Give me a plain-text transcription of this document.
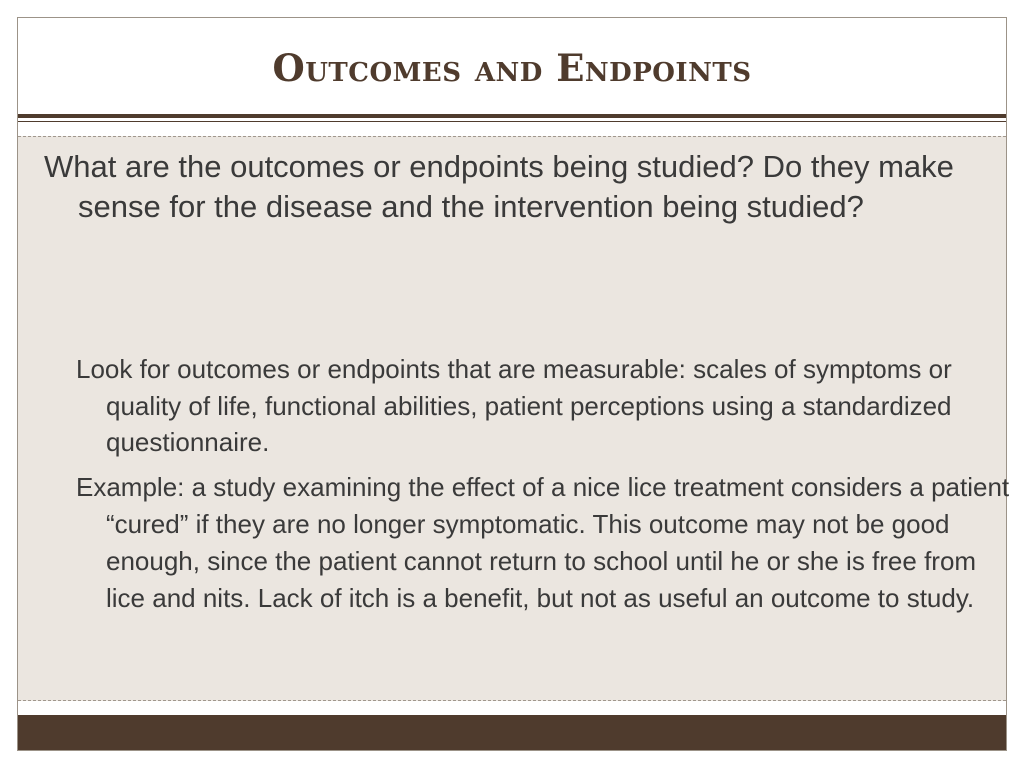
Outcomes and Endpoints

What are the outcomes or endpoints being studied? Do they make sense for the disease and the intervention being studied?

Look for outcomes or endpoints that are measurable: scales of symptoms or quality of life, functional abilities, patient perceptions using a standardized questionnaire.

Example: a study examining the effect of a nice lice treatment considers a patient “cured” if they are no longer symptomatic. This outcome may not be good enough, since the patient cannot return to school until he or she is free from lice and nits. Lack of itch is a benefit, but not as useful an outcome to study.
